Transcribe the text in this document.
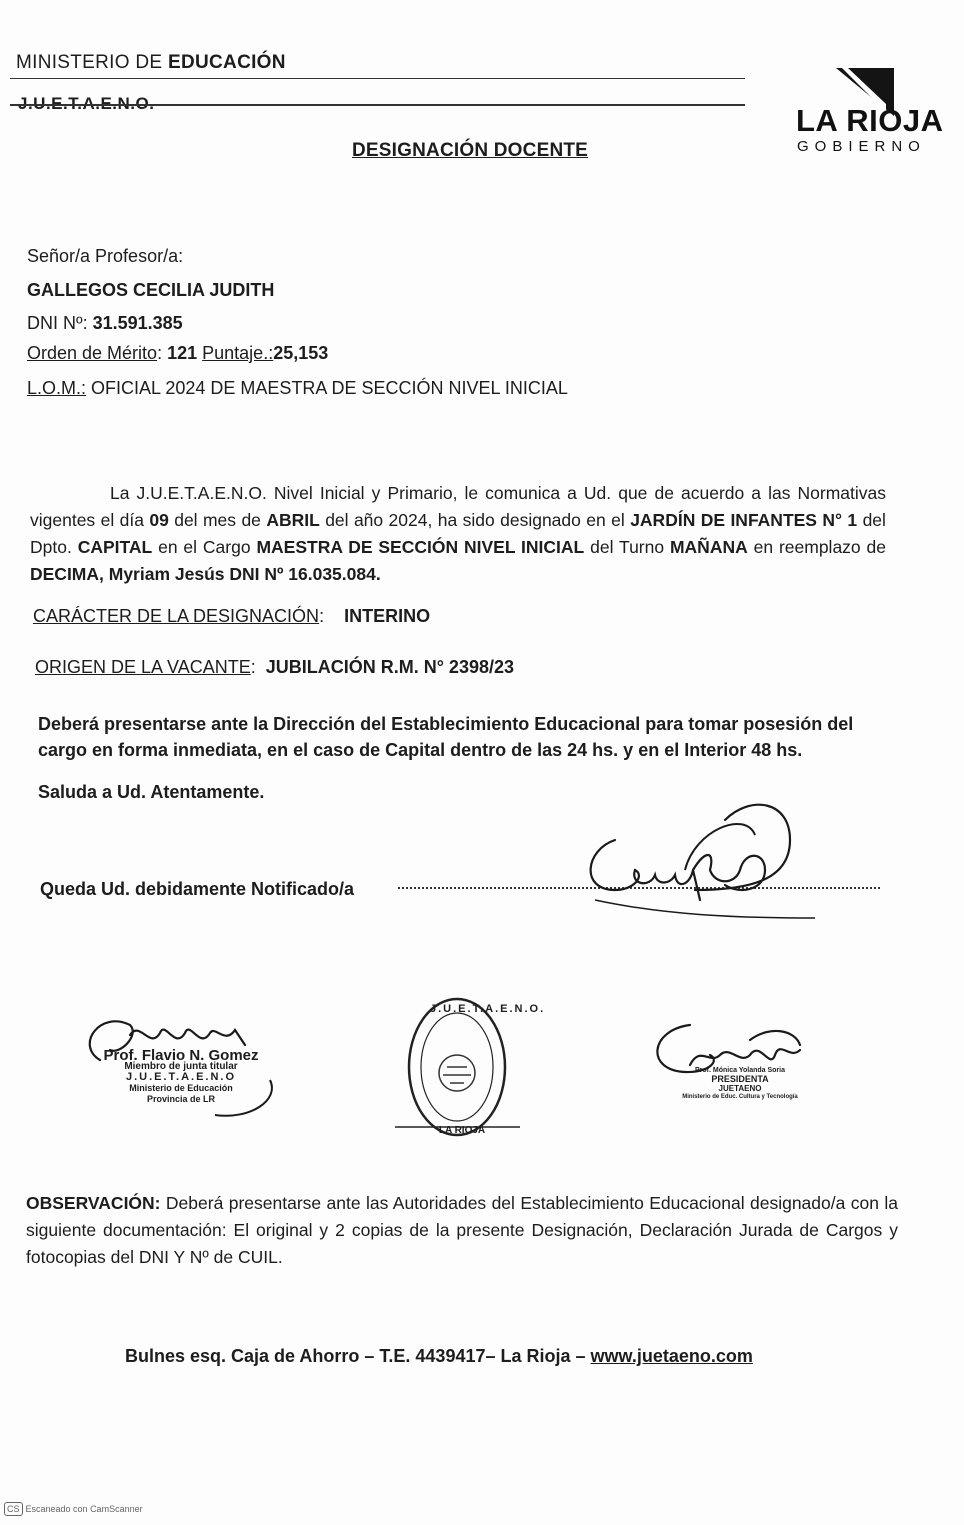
MINISTERIO DE EDUCACIÓN
DESIGNACIÓN DOCENTE
LA RIOJA
GOBIERNO
Señor/a Profesor/a:
GALLEGOS CECILIA JUDITH
DNI Nº: 31.591.385
Orden de Mérito: 121 Puntaje.:25,153
L.O.M.: OFICIAL 2024 DE MAESTRA DE SECCIÓN NIVEL INICIAL

La J.U.E.T.A.E.N.O. Nivel Inicial y Primario, le comunica a Ud. que de acuerdo a las Normativas vigentes el día 09 del mes de ABRIL del año 2024, ha sido designado en el JARDÍN DE INFANTES N° 1 del Dpto. CAPITAL en el Cargo MAESTRA DE SECCIÓN NIVEL INICIAL del Turno MAÑANA en reemplazo de DECIMA, Myriam Jesús DNI Nº 16.035.084.

CARÁCTER DE LA DESIGNACIÓN:    INTERINO
ORIGEN DE LA VACANTE:  JUBILACIÓN R.M. N° 2398/23
Deberá presentarse ante la Dirección del Establecimiento Educacional para tomar posesión del cargo en forma inmediata, en el caso de Capital dentro de las 24 hs. y en el Interior 48 hs.
Saluda a Ud. Atentamente.
Queda Ud. debidamente Notificado/a
Prof. Flavio N. Gomez
Miembro de junta titular
J.U.E.T.A.E.N.O
Ministerio de Educación
Provincia de LR
J.U.E.T.A.E.N.O.
LA RIOJA
Prof. Mónica Yolanda Soria
PRESIDENTA
JUETAENO
Ministerio de Educ. Cultura y Tecnología
OBSERVACIÓN: Deberá presentarse ante las Autoridades del Establecimiento Educacional designado/a con la siguiente documentación: El original y 2 copias de la presente Designación, Declaración Jurada de Cargos y fotocopias del DNI Y Nº de CUIL.
Bulnes esq. Caja de Ahorro – T.E. 4439417– La Rioja – www.juetaeno.com
CS Escaneado con CamScanner
